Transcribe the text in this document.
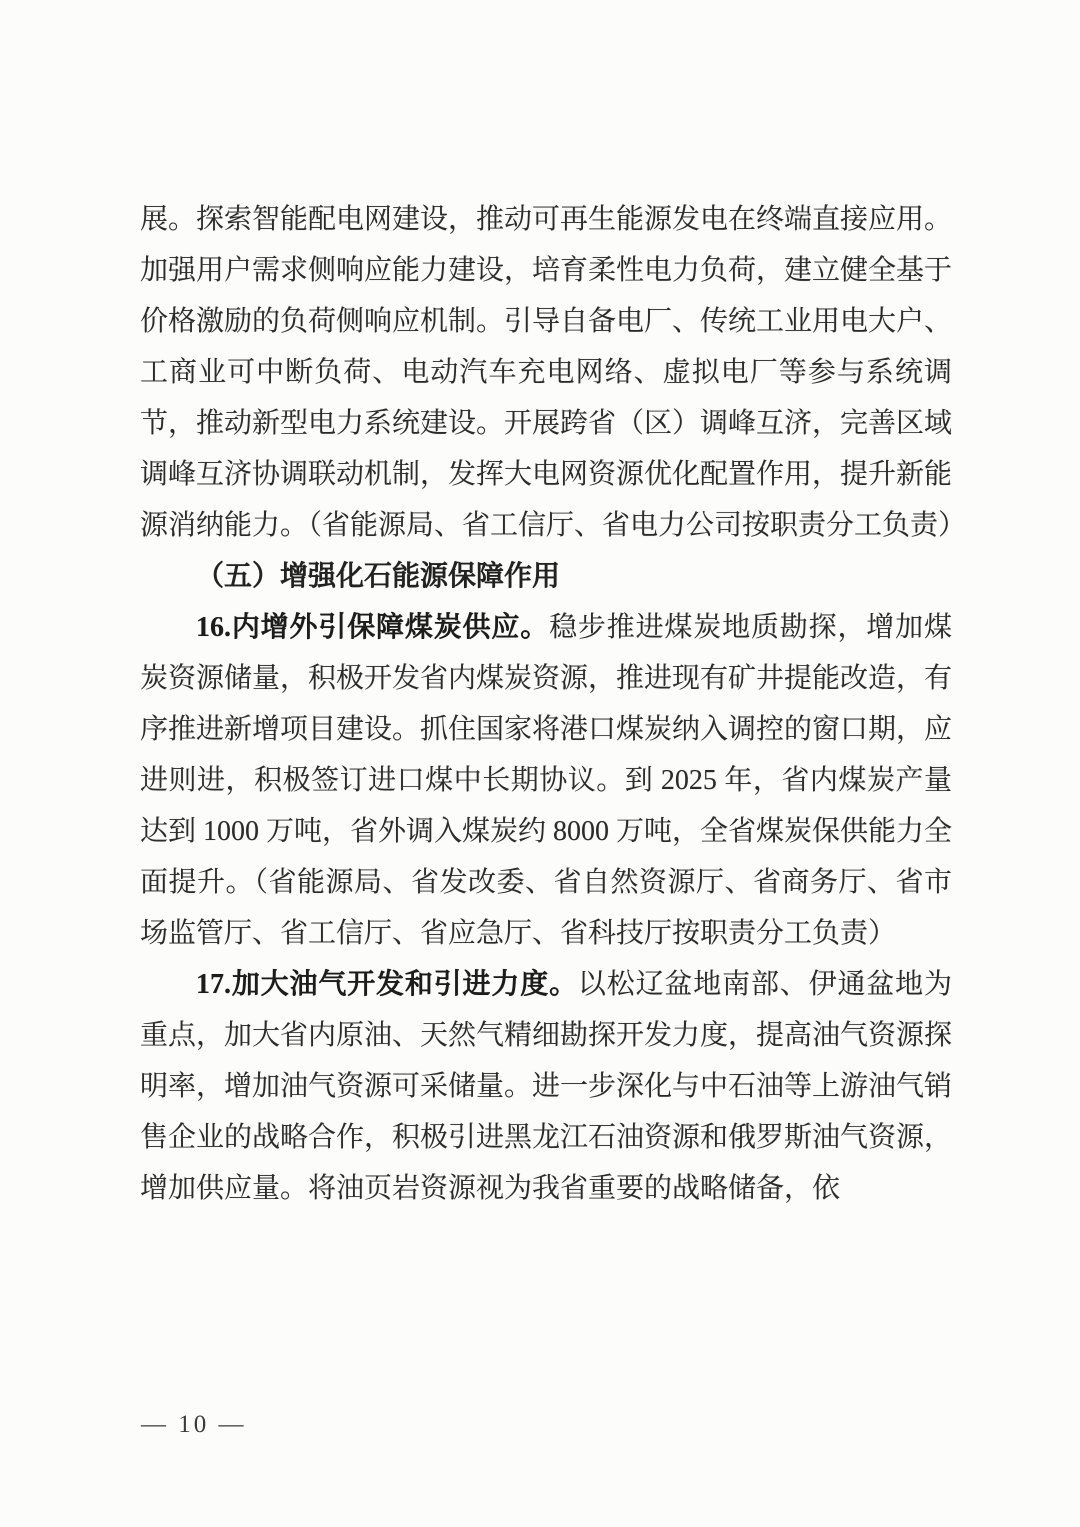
展。探索智能配电网建设，推动可再生能源发电在终端直接应用。加强用户需求侧响应能力建设，培育柔性电力负荷，建立健全基于价格激励的负荷侧响应机制。引导自备电厂、传统工业用电大户、工商业可中断负荷、电动汽车充电网络、虚拟电厂等参与系统调节，推动新型电力系统建设。开展跨省（区）调峰互济，完善区域调峰互济协调联动机制，发挥大电网资源优化配置作用，提升新能源消纳能力。（省能源局、省工信厅、省电力公司按职责分工负责）

（五）增强化石能源保障作用

16.内增外引保障煤炭供应。稳步推进煤炭地质勘探，增加煤炭资源储量，积极开发省内煤炭资源，推进现有矿井提能改造，有序推进新增项目建设。抓住国家将港口煤炭纳入调控的窗口期，应进则进，积极签订进口煤中长期协议。到 2025 年，省内煤炭产量达到 1000 万吨，省外调入煤炭约 8000 万吨，全省煤炭保供能力全面提升。（省能源局、省发改委、省自然资源厅、省商务厅、省市场监管厅、省工信厅、省应急厅、省科技厅按职责分工负责）

17.加大油气开发和引进力度。以松辽盆地南部、伊通盆地为重点，加大省内原油、天然气精细勘探开发力度，提高油气资源探明率，增加油气资源可采储量。进一步深化与中石油等上游油气销售企业的战略合作，积极引进黑龙江石油资源和俄罗斯油气资源，增加供应量。将油页岩资源视为我省重要的战略储备，依

— 10 —
